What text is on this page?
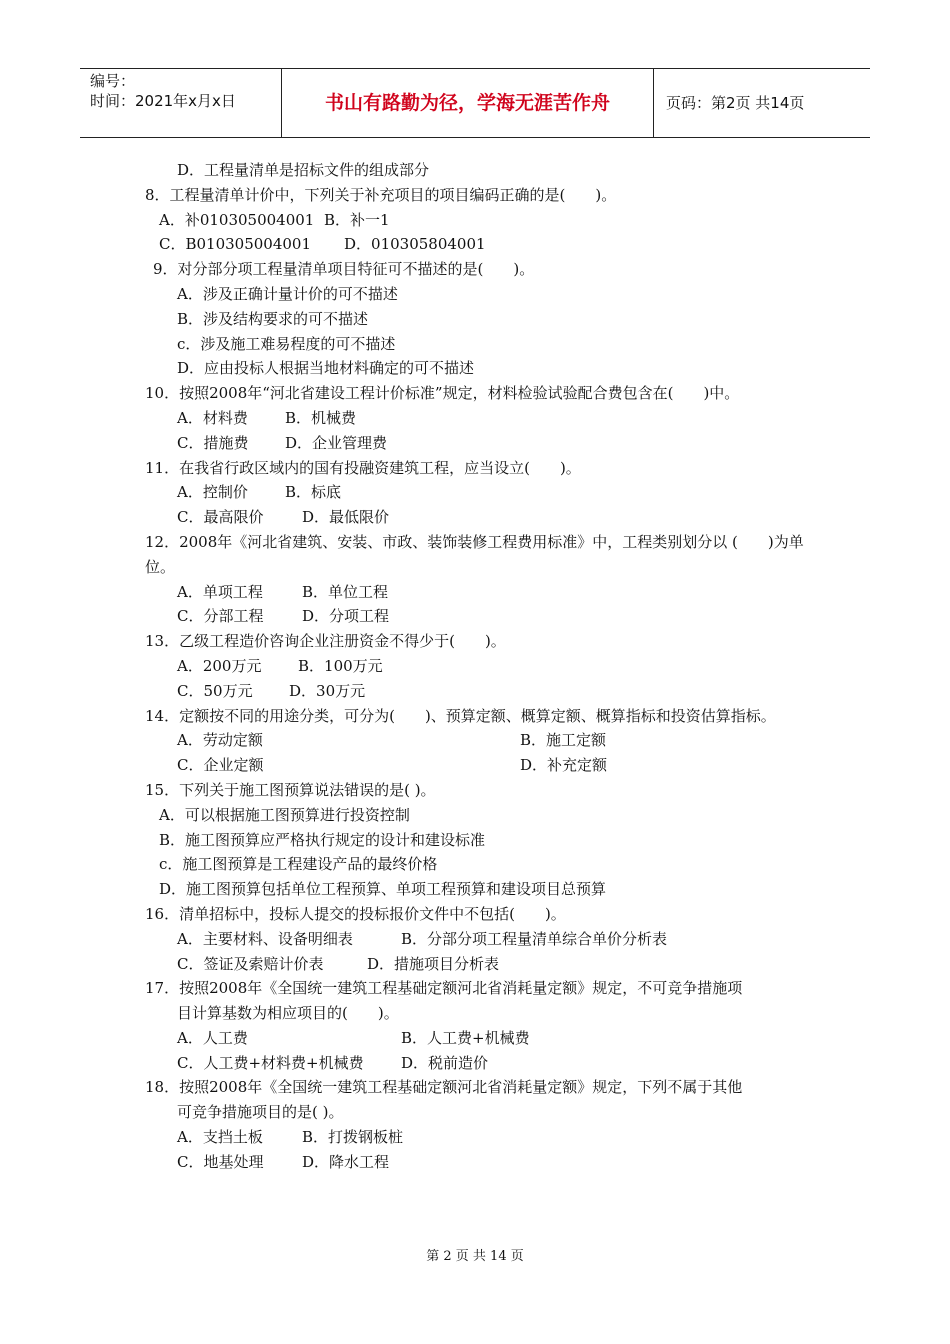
编号：
时间：2021年x月x日	书山有路勤为径，学海无涯苦作舟	页码：第2页 共14页
D．工程量清单是招标文件的组成部分
8．工程量清单计价中，下列关于补充项目的项目编码正确的是(　　)。
A．补010305004001 B．补一1
C．B010305004001 D．010305804001
9．对分部分项工程量清单项目特征可不描述的是(　　)。
A．涉及正确计量计价的可不描述
B．涉及结构要求的可不描述
c．涉及施工难易程度的可不描述
D．应由投标人根据当地材料确定的可不描述
10．按照2008年“河北省建设工程计价标准”规定，材料检验试验配合费包含在(　　)中。
A．材料费 B．机械费
C．措施费 D．企业管理费
11．在我省行政区域内的国有投融资建筑工程，应当设立(　　)。
A．控制价 B．标底
C．最高限价	D．最低限价
12．2008年《河北省建筑、安装、市政、装饰装修工程费用标准》中，工程类别划分以 (　　)为单位。
A．单项工程	B．单位工程
C．分部工程	D．分项工程
13．乙级工程造价咨询企业注册资金不得少于(　　)。
A．200万元 B．100万元
C．50万元 D．30万元
14．定额按不同的用途分类，可分为(　　)、预算定额、概算定额、概算指标和投资估算指标。
A．劳动定额	B．施工定额
C．企业定额	D．补充定额
15．下列关于施工图预算说法错误的是( )。
A．可以根据施工图预算进行投资控制
B．施工图预算应严格执行规定的设计和建设标准
c．施工图预算是工程建设产品的最终价格
D．施工图预算包括单位工程预算、单项工程预算和建设项目总预算
16．清单招标中，投标人提交的投标报价文件中不包括(　　)。
A．主要材料、设备明细表	B．分部分项工程量清单综合单价分析表
C．签证及索赔计价表	D．措施项目分析表
17．按照2008年《全国统一建筑工程基础定额河北省消耗量定额》规定，不可竞争措施项
目计算基数为相应项目的(　　)。
A．人工费	B．人工费+机械费
C．人工费+材料费+机械费 D．税前造价
18．按照2008年《全国统一建筑工程基础定额河北省消耗量定额》规定，下列不属于其他
可竞争措施项目的是( )。
A．支挡土板	B．打拨钢板桩
C．地基处理	D．降水工程
第 2 页 共 14 页
